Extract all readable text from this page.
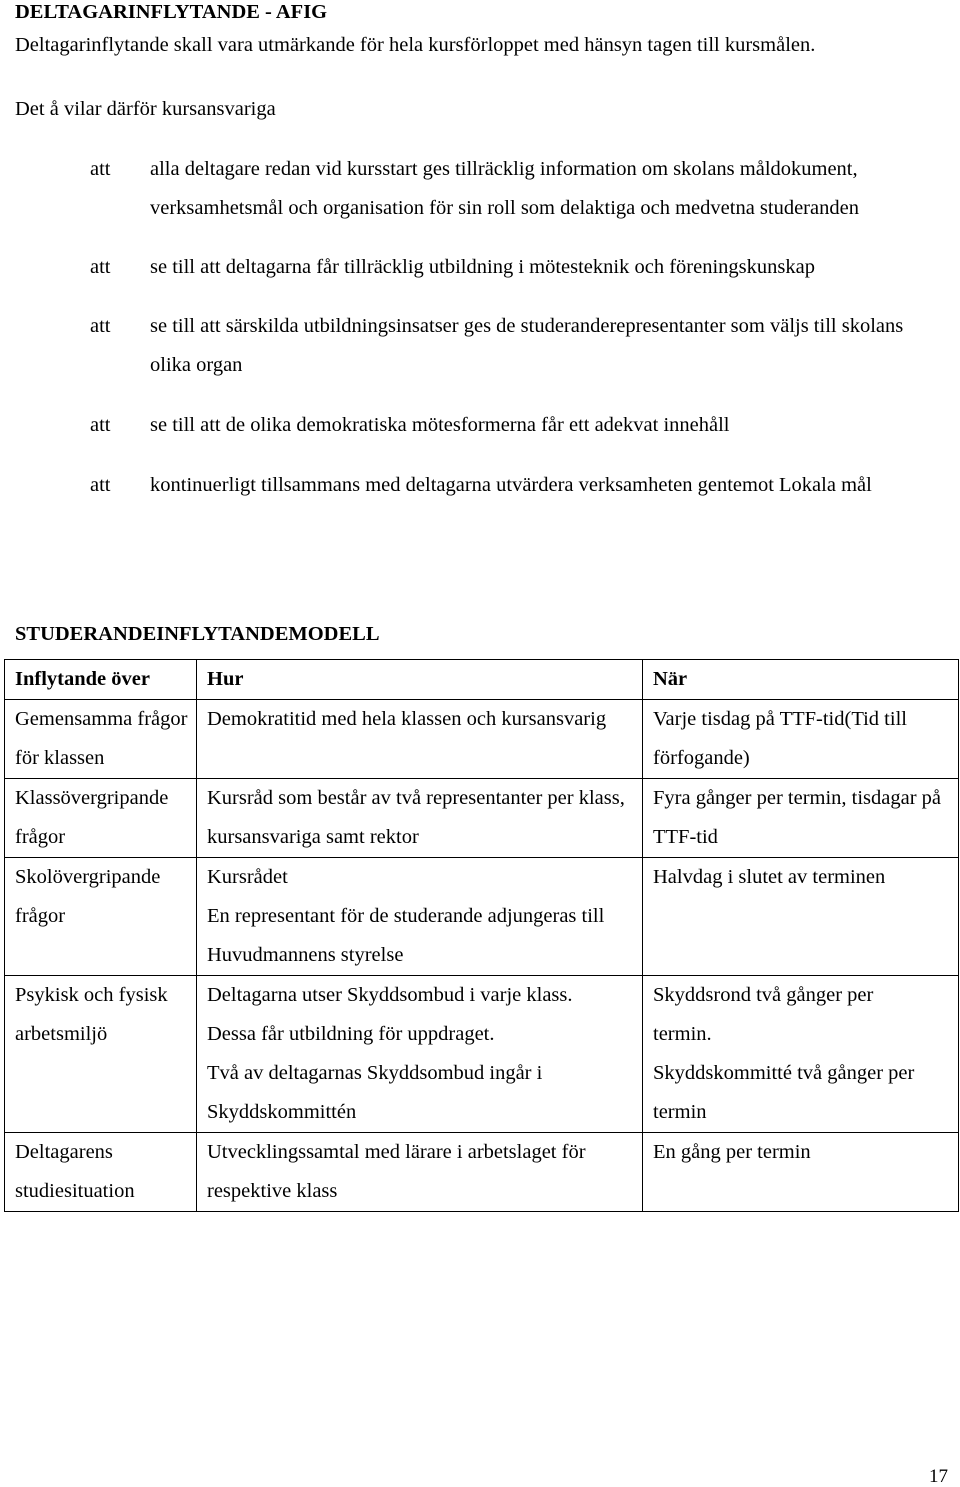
DELTAGARINFLYTANDE - AFIG

Deltagarinflytande skall vara utmärkande för hela kursförloppet med hänsyn tagen till kursmålen.

Det å vilar därför kursansvariga

att alla deltagare redan vid kursstart ges tillräcklig information om skolans måldokument, verksamhetsmål och organisation för sin roll som delaktiga och medvetna studeranden
att se till att deltagarna får tillräcklig utbildning i mötesteknik och föreningskunskap
att se till att särskilda utbildningsinsatser ges de studeranderepresentanter som väljs till skolans olika organ
att se till att de olika demokratiska mötesformerna får ett adekvat innehåll
att kontinuerligt tillsammans med deltagarna utvärdera verksamheten gentemot Lokala mål
STUDERANDEINFLYTANDEMODELL
Inflytande över	Hur	När
Gemensamma frågor för klassen	Demokratitid med hela klassen och kursansvarig	Varje tisdag på TTF-tid(Tid till förfogande)

Klassövergripande frågor	Kursråd som består av två representanter per klass, kursansvariga samt rektor	Fyra gånger per termin, tisdagar på TTF-tid

Skolövergripande frågor	Kursrådet
En representant för de studerande adjungeras till Huvudmannens styrelse	Halvdag i slutet av terminen

Psykisk och fysisk arbetsmiljö	Deltagarna utser Skyddsombud i varje klass.
Dessa får utbildning för uppdraget.
Två av deltagarnas Skyddsombud ingår i Skyddskommittén	Skyddsrond två gånger per termin.
Skyddskommitté två gånger per termin

Deltagarens studiesituation	Utvecklingssamtal med lärare i arbetslaget för respektive klass	En gång per termin
17
